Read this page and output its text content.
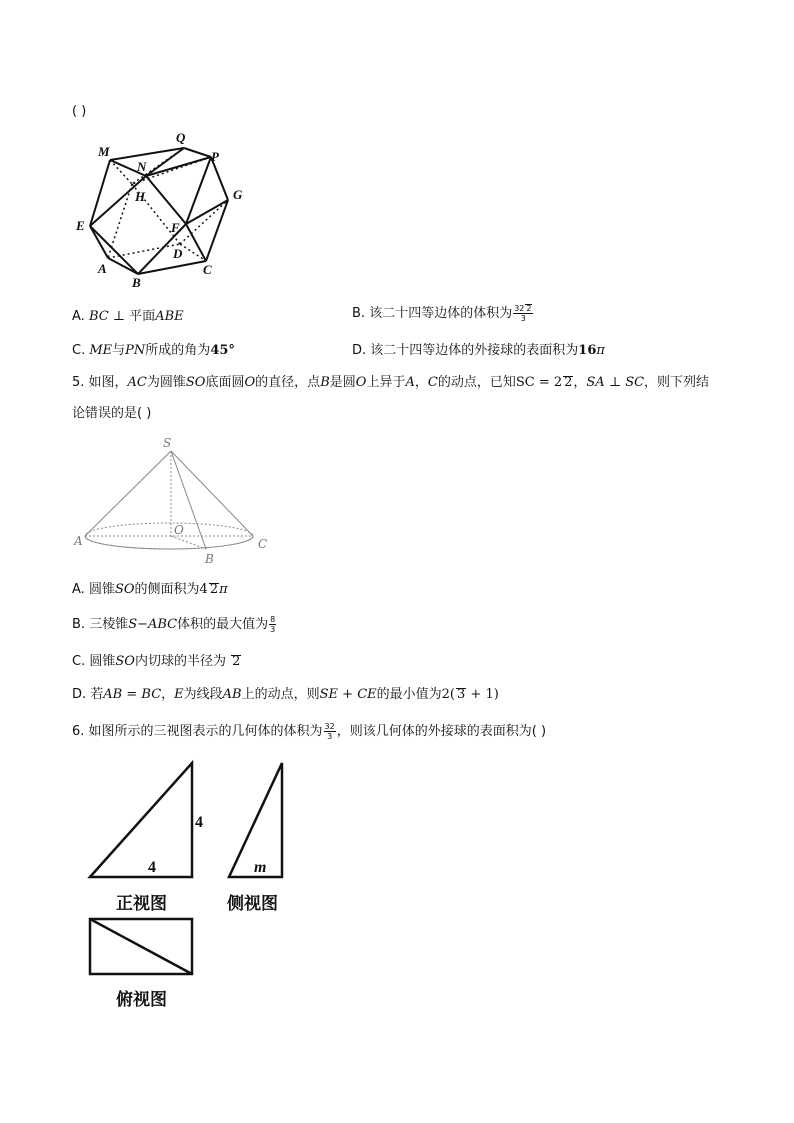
( )
M
Q
N
P
H	G
E	F
D
A
B
C
A. BC ⊥ 平面ABE	B. 该二十四等边体的体积为 $\frac{32 2}{3}$
C. ME与PN所成的角为45°	D. 该二十四等边体的外接球的表面积为16π
5. 如图，AC为圆锥SO底面圆O的直径，点B是圆O上异于A，C的动点，已知SC = 2 2，SA ⊥ SC，则下列结
论错误的是( )
S
O
A
B
C
A. 圆锥SO的侧面积为4 2π
B. 三棱锥S−ABC体积的最大值为 $\frac{8}{3}$
C. 圆锥SO内切球的半径为 2
D. 若AB = BC，E为线段AB上的动点，则SE + CE的最小值为2( 3 + 1)
6. 如图所示的三视图表示的几何体的体积为 $\frac{32}{3}$ ，则该几何体的外接球的表面积为( )
4
4	m
正视图	侧视图
俯视图
